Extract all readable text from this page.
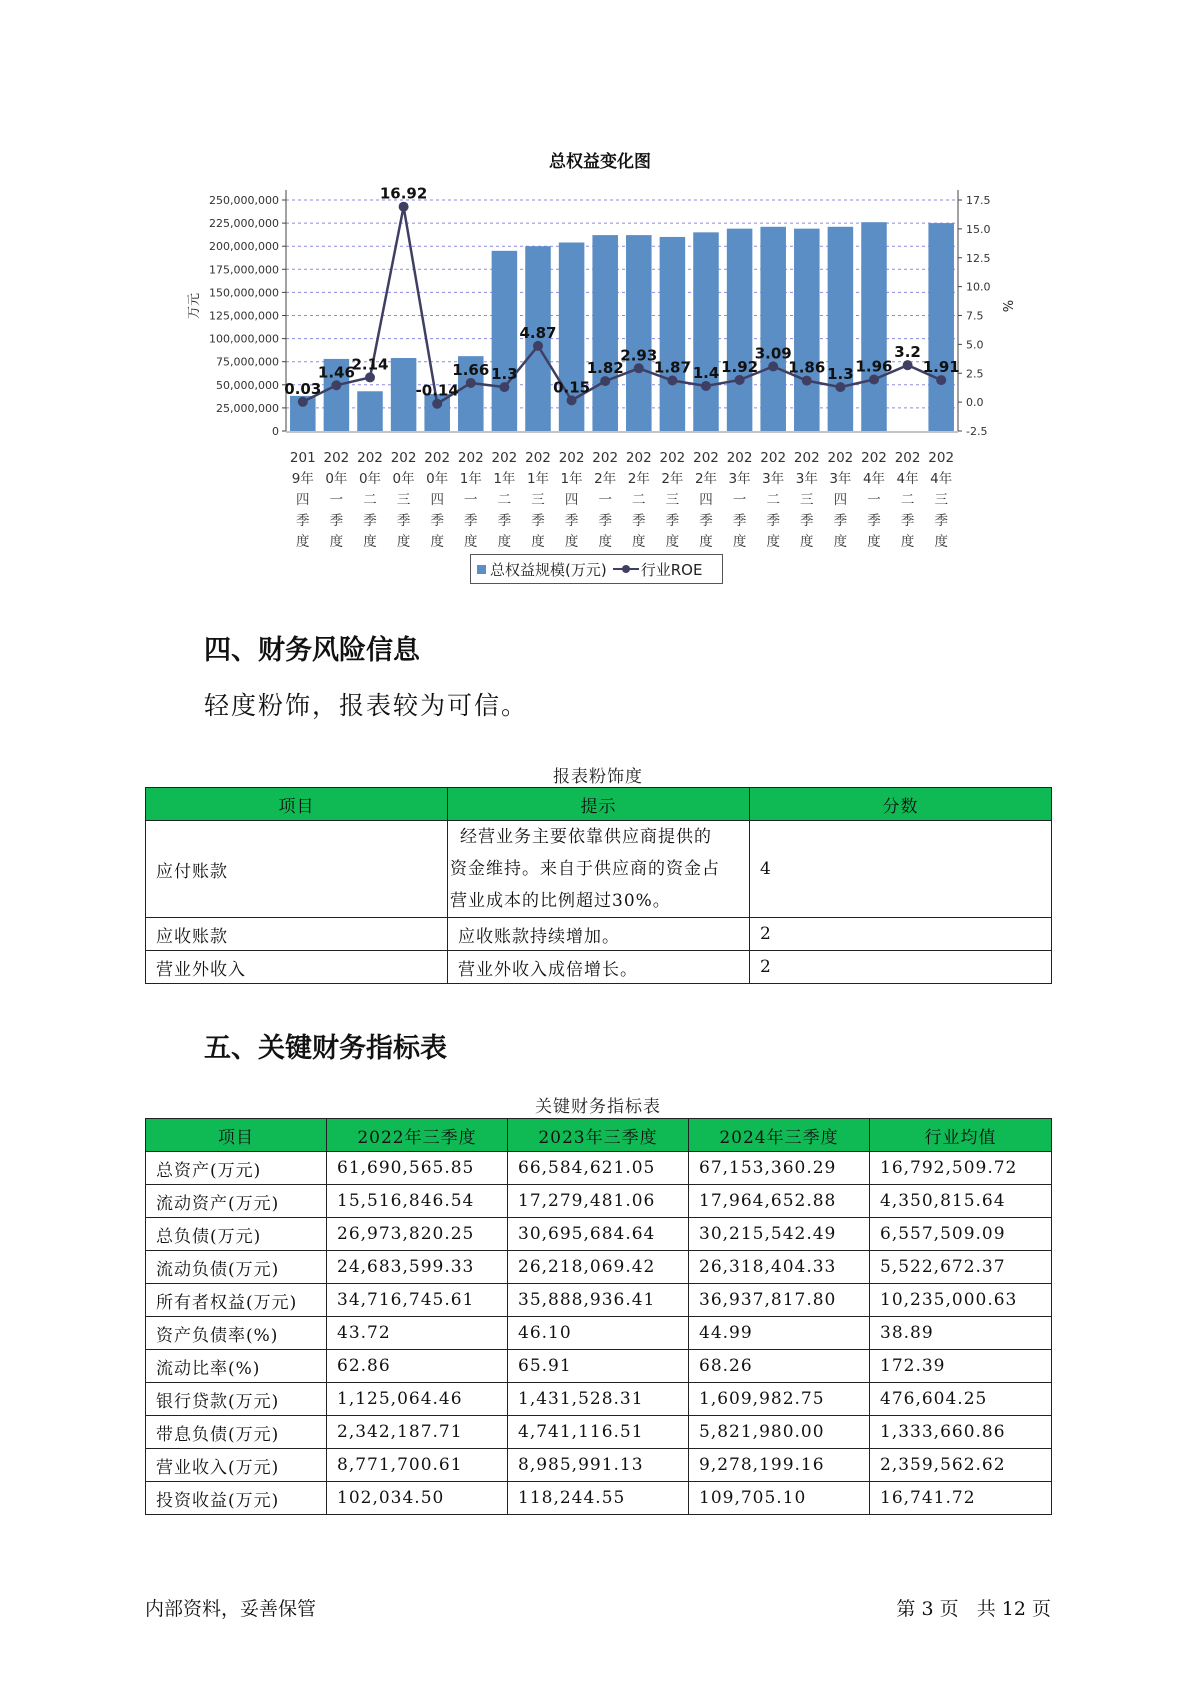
总权益变化图
0
25,000,000
50,000,000
75,000,000
100,000,000
125,000,000
150,000,000
175,000,000
200,000,000
225,000,000
250,000,000
-2.5
0.0
2.5
5.0
7.5
10.0
12.5
15.0
17.5
201
9年
四
季
度
202
0年
一
季
度
202
0年
二
季
度
202
0年
三
季
度
202
0年
四
季
度
202
1年
一
季
度
202
1年
二
季
度
202
1年
三
季
度
202
1年
四
季
度
202
2年
一
季
度
202
2年
二
季
度
202
2年
三
季
度
202
2年
四
季
度
202
3年
一
季
度
202
3年
二
季
度
202
3年
三
季
度
202
3年
四
季
度
202
4年
一
季
度
202
4年
二
季
度
202
4年
三
季
度
0.03
1.46
2.14
16.92
-0.14
1.66 1.3
4.87
0.15
1.82
2.93
1.87 1.4 1.92
3.09
1.86 1.3 1.96
3.2
1.91
万元	%
总权益规模(万元) 行业ROE
四、财务风险信息
轻度粉饰，报表较为可信。
报表粉饰度
项目	提示	分数
应付账款	经营业务主要依靠供应商提供的
资金维持。来自于供应商的资金占
营业成本的比例超过30%。	4
应收账款	应收账款持续增加。	2
营业外收入	营业外收入成倍增长。	2
五、关键财务指标表
关键财务指标表
项目	2022年三季度	2023年三季度	2024年三季度	行业均值
总资产(万元)	61,690,565.85	66,584,621.05	67,153,360.29	16,792,509.72
流动资产(万元)	15,516,846.54	17,279,481.06	17,964,652.88	4,350,815.64
总负债(万元)	26,973,820.25	30,695,684.64	30,215,542.49	6,557,509.09
流动负债(万元)	24,683,599.33	26,218,069.42	26,318,404.33	5,522,672.37
所有者权益(万元)	34,716,745.61	35,888,936.41	36,937,817.80	10,235,000.63
资产负债率(%)	43.72	46.10	44.99	38.89
流动比率(%)	62.86	65.91	68.26	172.39
银行贷款(万元)	1,125,064.46	1,431,528.31	1,609,982.75	476,604.25
带息负债(万元)	2,342,187.71	4,741,116.51	5,821,980.00	1,333,660.86
营业收入(万元)	8,771,700.61	8,985,991.13	9,278,199.16	2,359,562.62
投资收益(万元)	102,034.50	118,244.55	109,705.10	16,741.72
内部资料，妥善保管	第 3 页   共 12 页
